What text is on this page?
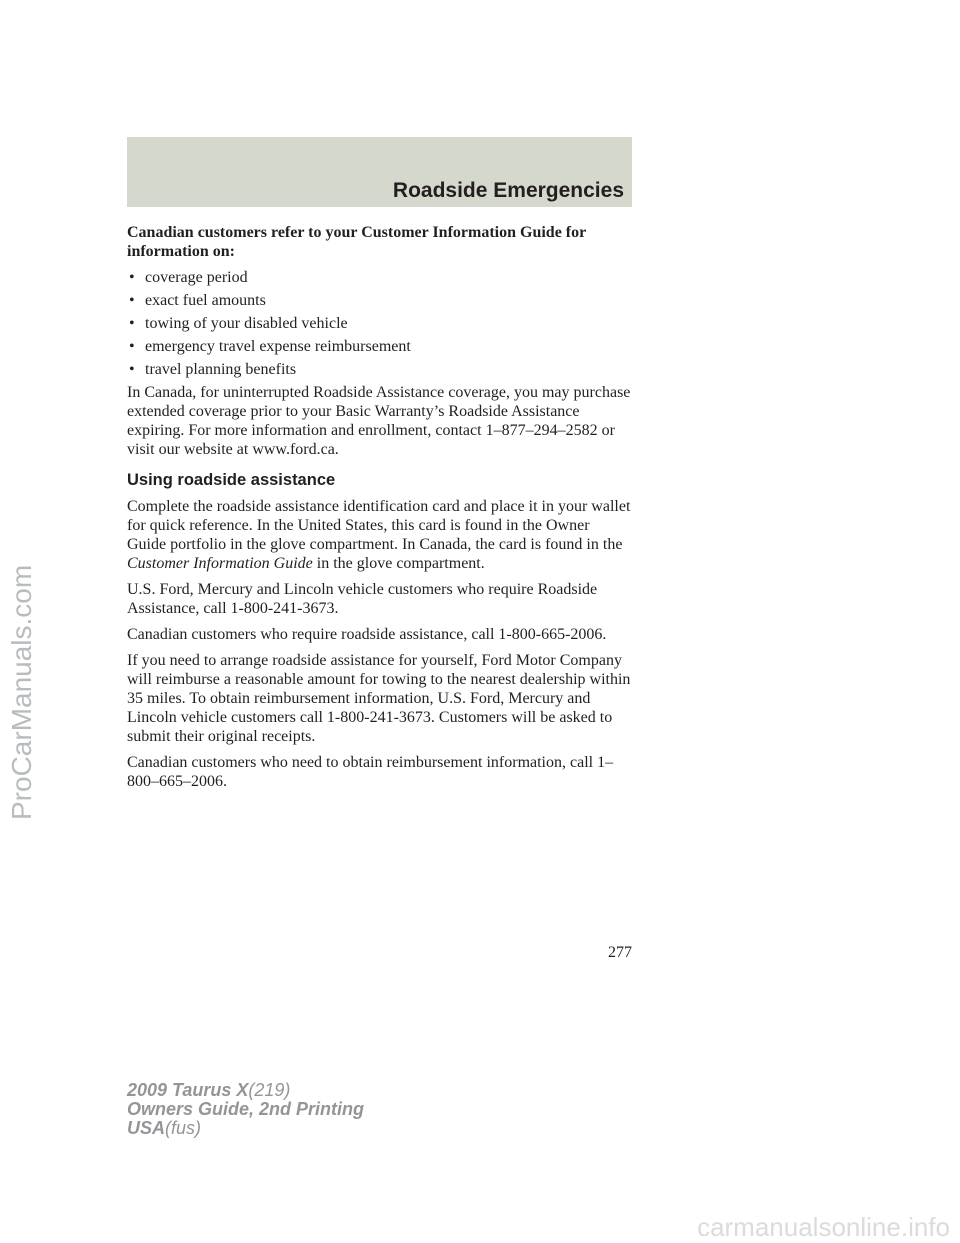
Roadside Emergencies

Canadian customers refer to your Customer Information Guide for information on:

• coverage period
• exact fuel amounts
• towing of your disabled vehicle
• emergency travel expense reimbursement
• travel planning benefits

In Canada, for uninterrupted Roadside Assistance coverage, you may purchase extended coverage prior to your Basic Warranty’s Roadside Assistance expiring. For more information and enrollment, contact 1–877–294–2582 or visit our website at www.ford.ca.

Using roadside assistance

Complete the roadside assistance identification card and place it in your wallet for quick reference. In the United States, this card is found in the Owner Guide portfolio in the glove compartment. In Canada, the card is found in the Customer Information Guide in the glove compartment.

U.S. Ford, Mercury and Lincoln vehicle customers who require Roadside Assistance, call 1-800-241-3673.

Canadian customers who require roadside assistance, call 1-800-665-2006.

If you need to arrange roadside assistance for yourself, Ford Motor Company will reimburse a reasonable amount for towing to the nearest dealership within 35 miles. To obtain reimbursement information, U.S. Ford, Mercury and Lincoln vehicle customers call 1-800-241-3673. Customers will be asked to submit their original receipts.

Canadian customers who need to obtain reimbursement information, call 1–800–665–2006.

277
2009 Taurus X(219)
Owners Guide, 2nd Printing
USA(fus)
ProCarManuals.com
carmanualsonline.info
